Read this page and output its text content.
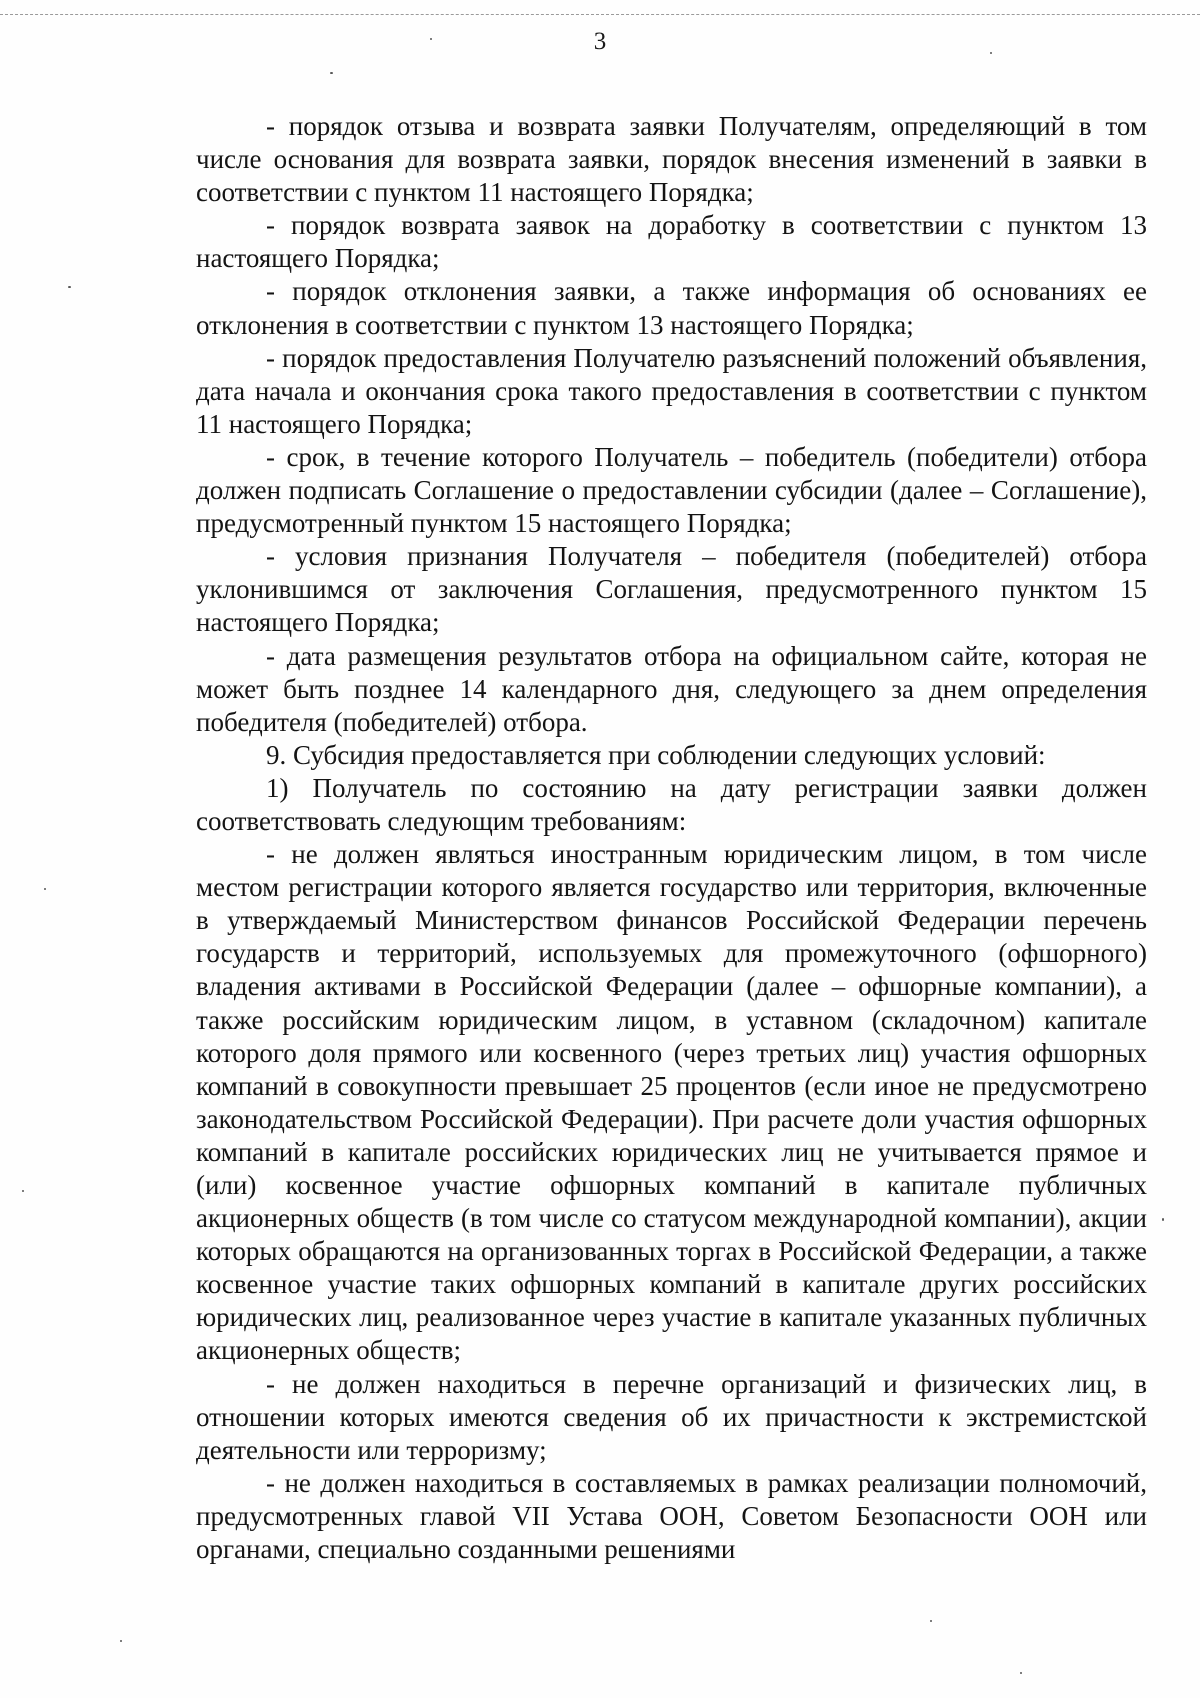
3

- порядок отзыва и возврата заявки Получателям, определяющий в том числе основания для возврата заявки, порядок внесения изменений в заявки в соответствии с пунктом 11 настоящего Порядка;

- порядок возврата заявок на доработку в соответствии с пунктом 13 настоящего Порядка;

- порядок отклонения заявки, а также информация об основаниях ее отклонения в соответствии с пунктом 13 настоящего Порядка;

- порядок предоставления Получателю разъяснений положений объявления, дата начала и окончания срока такого предоставления в соответствии с пунктом 11 настоящего Порядка;

- срок, в течение которого Получатель – победитель (победители) отбора должен подписать Соглашение о предоставлении субсидии (далее – Соглашение), предусмотренный пунктом 15 настоящего Порядка;

- условия признания Получателя – победителя (победителей) отбора уклонившимся от заключения Соглашения, предусмотренного пунктом 15 настоящего Порядка;

- дата размещения результатов отбора на официальном сайте, которая не может быть позднее 14 календарного дня, следующего за днем определения победителя (победителей) отбора.

9. Субсидия предоставляется при соблюдении следующих условий:

1) Получатель по состоянию на дату регистрации заявки должен соответствовать следующим требованиям:

- не должен являться иностранным юридическим лицом, в том числе местом регистрации которого является государство или территория, включенные в утверждаемый Министерством финансов Российской Федерации перечень государств и территорий, используемых для промежуточного (офшорного) владения активами в Российской Федерации (далее – офшорные компании), а также российским юридическим лицом, в уставном (складочном) капитале которого доля прямого или косвенного (через третьих лиц) участия офшорных компаний в совокупности превышает 25 процентов (если иное не предусмотрено законодательством Российской Федерации). При расчете доли участия офшорных компаний в капитале российских юридических лиц не учитывается прямое и (или) косвенное участие офшорных компаний в капитале публичных акционерных обществ (в том числе со статусом международной компании), акции которых обращаются на организованных торгах в Российской Федерации, а также косвенное участие таких офшорных компаний в капитале других российских юридических лиц, реализованное через участие в капитале указанных публичных акционерных обществ;

- не должен находиться в перечне организаций и физических лиц, в отношении которых имеются сведения об их причастности к экстремистской деятельности или терроризму;

- не должен находиться в составляемых в рамках реализации полномочий, предусмотренных главой VII Устава ООН, Советом Безопасности ООН или органами, специально созданными решениями
